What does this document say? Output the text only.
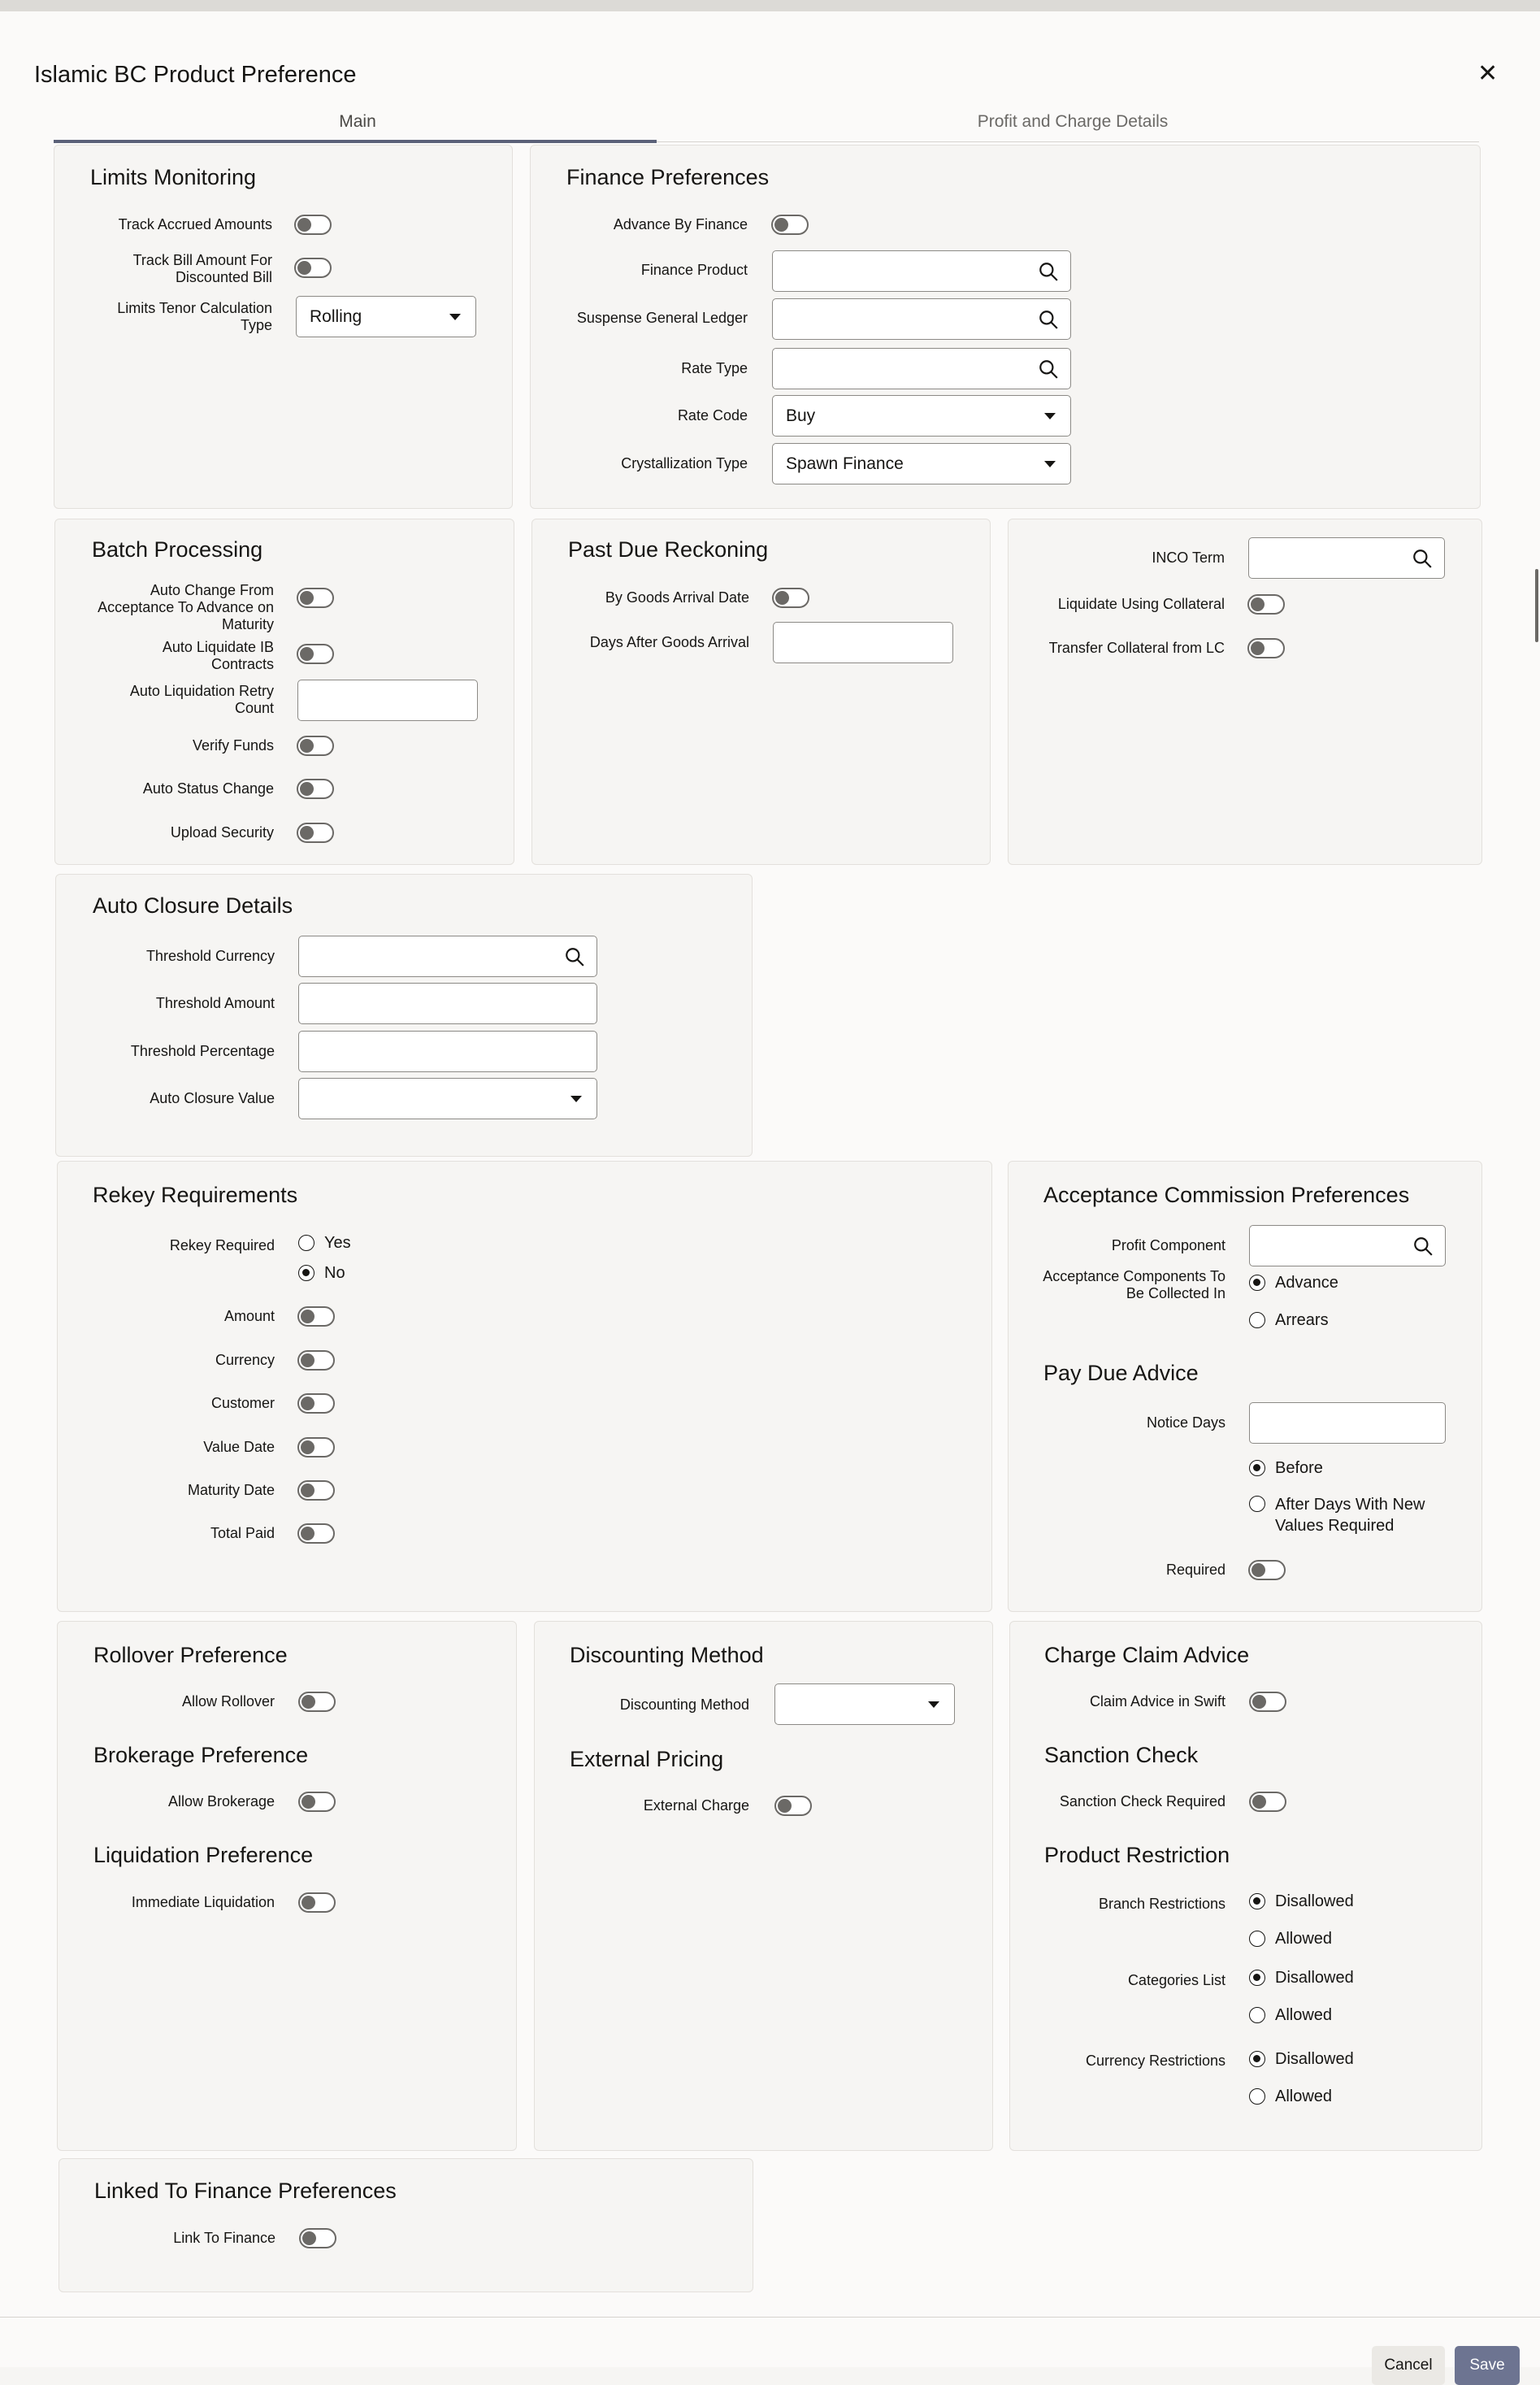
Islamic BC Product Preference	✕
Main	Profit and Charge Details
Limits Monitoring
Track Accrued Amounts
Track Bill Amount For Discounted Bill
Limits Tenor Calculation Type Rolling
Finance Preferences
Advance By Finance
Finance Product
Suspense General Ledger
Rate Type
Rate Code Buy
Crystallization Type Spawn Finance
Batch Processing
Auto Change From Acceptance To Advance on Maturity
Auto Liquidate IB Contracts
Auto Liquidation Retry Count
Verify Funds
Auto Status Change
Upload Security
Past Due Reckoning
By Goods Arrival Date
Days After Goods Arrival
INCO Term
Liquidate Using Collateral
Transfer Collateral from LC
Auto Closure Details
Threshold Currency
Threshold Amount
Threshold Percentage
Auto Closure Value
Rekey Requirements
Rekey Required	Yes
No
Amount
Currency
Customer
Value Date
Maturity Date
Total Paid
Acceptance Commission Preferences
Profit Component
Acceptance Components To Be Collected In
Advance
Arrears
Pay Due Advice
Notice Days
Before
After Days With New Values Required
Required
Rollover Preference
Allow Rollover
Brokerage Preference
Allow Brokerage
Liquidation Preference
Immediate Liquidation
Discounting Method
Discounting Method
External Pricing
External Charge
Charge Claim Advice
Claim Advice in Swift
Sanction Check
Sanction Check Required
Product Restriction
Branch Restrictions	Disallowed
Allowed
Categories List	Disallowed
Allowed
Currency Restrictions	Disallowed
Allowed
Linked To Finance Preferences
Link To Finance
Cancel	Save
